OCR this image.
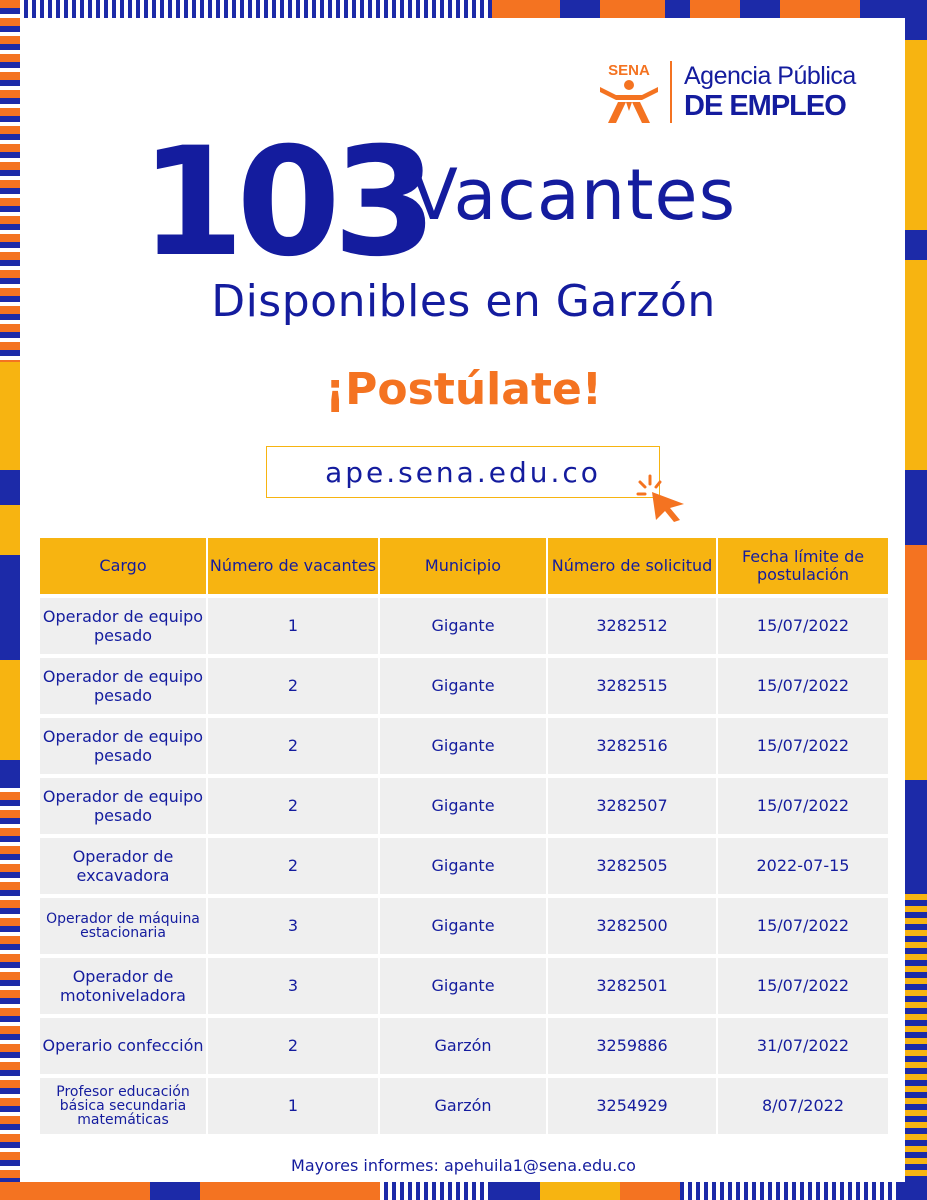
SENA Agencia Pública
DE EMPLEO
103
Vacantes
Disponibles en Garzón
¡Postúlate!
ape.sena.edu.co
Cargo	Número de vacantes	Municipio	Número de solicitud	Fecha límite de postulación
Operador de equipo pesado	1	Gigante	3282512	15/07/2022
Operador de equipo pesado	2	Gigante	3282515	15/07/2022
Operador de equipo pesado	2	Gigante	3282516	15/07/2022
Operador de equipo pesado	2	Gigante	3282507	15/07/2022
Operador de excavadora	2	Gigante	3282505	2022-07-15
Operador de máquina estacionaria	3	Gigante	3282500	15/07/2022
Operador de motoniveladora	3	Gigante	3282501	15/07/2022
Operario confección	2	Garzón	3259886	31/07/2022
Profesor educación básica secundaria matemáticas	1	Garzón	3254929	8/07/2022
Mayores informes: apehuila1@sena.edu.co
